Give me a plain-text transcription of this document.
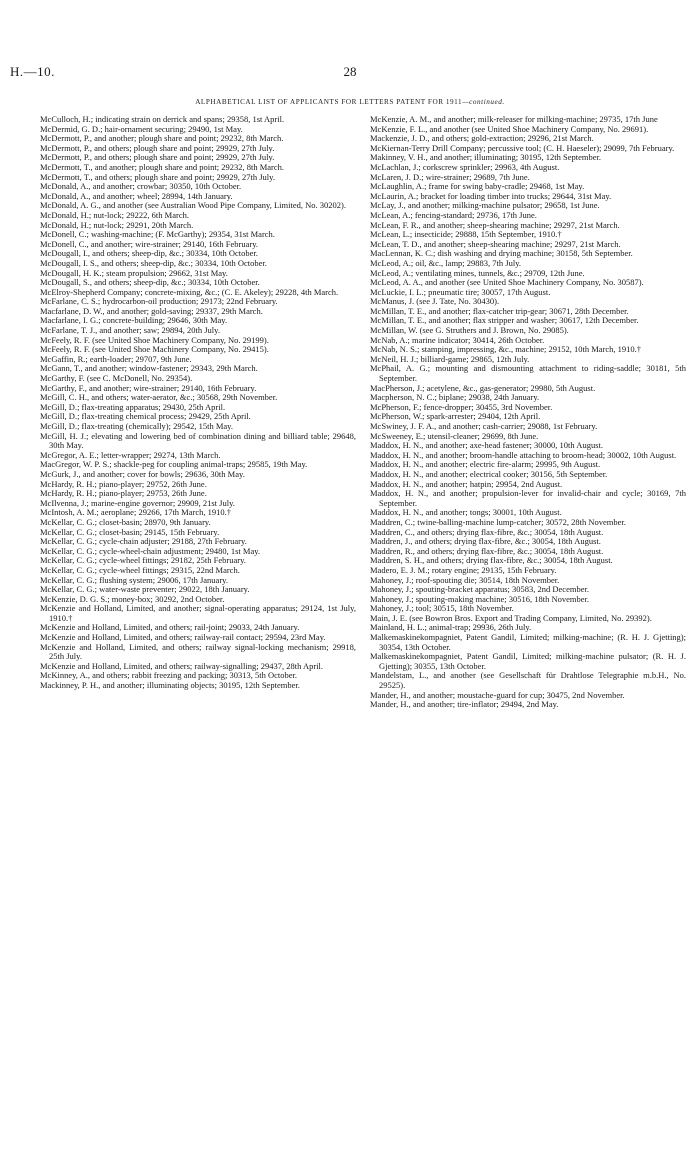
H.—10.	28
ALPHABETICAL LIST OF APPLICANTS FOR LETTERS PATENT FOR 1911—continued.

McCulloch, H.; indicating strain on derrick and spans; 29358, 1st April.

McDermid, G. D.; hair-ornament securing; 29490, 1st May.

McDermott, P., and another; plough share and point; 29232, 8th March.

McDermott, P., and others; plough share and point; 29929, 27th July.

McDermott, P., and others; plough share and point; 29929, 27th July.

McDermott, T., and another; plough share and point; 29232, 8th March.

McDermott, T., and others; plough share and point; 29929, 27th July.

McDonald, A., and another; crowbar; 30350, 10th October.

McDonald, A., and another; wheel; 28994, 14th January.

McDonald, A. G., and another (see Australian Wood Pipe Company, Limited, No. 30202).

McDonald, H.; nut-lock; 29222, 6th March.

McDonald, H.; nut-lock; 29291, 20th March.

McDonell, C.; washing-machine; (F. McGarthy); 29354, 31st March.

McDonell, C., and another; wire-strainer; 29140, 16th February.

McDougall, I., and others; sheep-dip, &c.; 30334, 10th October.

McDougall, I. S., and others; sheep-dip, &c.; 30334, 10th October.

McDougall, H. K.; steam propulsion; 29662, 31st May.

McDougall, S., and others; sheep-dip, &c.; 30334, 10th October.

McElroy-Shepherd Company; concrete-mixing, &c.; (C. E. Akeley); 29228, 4th March.

McFarlane, C. S.; hydrocarbon-oil production; 29173; 22nd February.

Macfarlane, D. W., and another; gold-saving; 29337, 29th March.

Macfarlane, I. G.; concrete-building; 29646, 30th May.

McFarlane, T. J., and another; saw; 29894, 20th July.

McFeely, R. F. (see United Shoe Machinery Company, No. 29199).

McFeely, R. F. (see United Shoe Machinery Company, No. 29415).

McGaffin, R.; earth-loader; 29707, 9th June.

McGann, T., and another; window-fastener; 29343, 29th March.

McGarthy, F. (see C. McDonell, No. 29354).

McGarthy, F., and another; wire-strainer; 29140, 16th February.

McGill, C. H., and others; water-aerator, &c.; 30568, 29th November.

McGill, D.; flax-treating apparatus; 29430, 25th April.

McGill, D.; flax-treating chemical process; 29429, 25th April.

McGill, D.; flax-treating (chemically); 29542, 15th May.

McGill, H. J.; elevating and lowering bed of combination dining and billiard table; 29648, 30th May.

McGregor, A. E.; letter-wrapper; 29274, 13th March.

MacGregor, W. P. S.; shackle-peg for coupling animal-traps; 29585, 19th May.

McGurk, J., and another; cover for bowls; 29636, 30th May.

McHardy, R. H.; piano-player; 29752, 26th June.

McHardy, R. H.; piano-player; 29753, 26th June.

McIlvenna, J.; marine-engine governor; 29909, 21st July.

McIntosh, A. M.; aeroplane; 29266, 17th March, 1910.†

McKellar, C. G.; closet-basin; 28970, 9th January.

McKellar, C. G.; closet-basin; 29145, 15th February.

McKellar, C. G.; cycle-chain adjuster; 29188, 27th February.

McKellar, C. G.; cycle-wheel-chain adjustment; 29480, 1st May.

McKellar, C. G.; cycle-wheel fittings; 29182, 25th February.

McKellar, C. G.; cycle-wheel fittings; 29315, 22nd March.

McKellar, C. G.; flushing system; 29006, 17th January.

McKellar, C. G.; water-waste preventer; 29022, 18th January.

McKenzie, D. G. S.; money-box; 30292, 2nd October.

McKenzie and Holland, Limited, and another; signal-operating apparatus; 29124, 1st July, 1910.†

McKenzie and Holland, Limited, and others; rail-joint; 29033, 24th January.

McKenzie and Holland, Limited, and others; railway-rail contact; 29594, 23rd May.

McKenzie and Holland, Limited, and others; railway signal-locking mechanism; 29918, 25th July.

McKenzie and Holland, Limited, and others; railway-signalling; 29437, 28th April.

McKinney, A., and others; rabbit freezing and packing; 30313, 5th October.

Mackinney, P. H., and another; illuminating objects; 30195, 12th September.

McKenzie, A. M., and another; milk-releaser for milking-machine; 29735, 17th June

McKenzie, F. L., and another (see United Shoe Machinery Company, No. 29691).

Mackenzie, J. D., and others; gold-extraction; 29296, 21st March.

McKiernan-Terry Drill Company; percussive tool; (C. H. Haeseler); 29099, 7th February.

Makinney, V. H., and another; illuminating; 30195, 12th September.

McLachlan, J.; corkscrew sprinkler; 29963, 4th August.

McLaren, J. D.; wire-strainer; 29689, 7th June.

McLaughlin, A.; frame for swing baby-cradle; 29468, 1st May.

McLaurin, A.; bracket for loading timber into trucks; 29644, 31st May.

McLay, J., and another; milking-machine pulsator; 29658, 1st June.

McLean, A.; fencing-standard; 29736, 17th June.

McLean, F. R., and another; sheep-shearing machine; 29297, 21st March.

McLean, L.; insecticide; 29888, 15th September, 1910.†

McLean, T. D., and another; sheep-shearing machine; 29297, 21st March.

MacLennan, K. C.; dish washing and drying machine; 30158, 5th September.

McLeod, A.; oil, &c., lamp; 29883, 7th July.

McLeod, A.; ventilating mines, tunnels, &c.; 29709, 12th June.

McLeod, A. A., and another (see United Shoe Machinery Company, No. 30587).

McLuckie, I. L.; pneumatic tire; 30057, 17th August.

McManus, J. (see J. Tate, No. 30430).

McMillan, T. E., and another; flax-catcher trip-gear; 30671, 28th December.

McMillan, T. E., and another; flax stripper and washer; 30617, 12th December.

McMillan, W. (see G. Struthers and J. Brown, No. 29085).

McNab, A.; marine indicator; 30414, 26th October.

McNab, N. S.; stamping, impressing, &c., machine; 29152, 10th March, 1910.†

McNeil, H. J.; billiard-game; 29865, 12th July.

McPhail, A. G.; mounting and dismounting attachment to riding-saddle; 30181, 5th September.

MacPherson, J.; acetylene, &c., gas-generator; 29980, 5th August.

Macpherson, N. C.; biplane; 29038, 24th January.

McPherson, F.; fence-dropper; 30455, 3rd November.

McPherson, W.; spark-arrester; 29404, 12th April.

McSwiney, J. F. A., and another; cash-carrier; 29088, 1st February.

McSweeney, E.; utensil-cleaner; 29699, 8th June.

Maddox, H. N., and another; axe-head fastener; 30000, 10th August.

Maddox, H. N., and another; broom-handle attaching to broom-head; 30002, 10th August.

Maddox, H. N., and another; electric fire-alarm; 29995, 9th August.

Maddox, H. N., and another; electrical cooker; 30156, 5th September.

Maddox, H. N., and another; hatpin; 29954, 2nd August.

Maddox, H. N., and another; propulsion-lever for invalid-chair and cycle; 30169, 7th September.

Maddox, H. N., and another; tongs; 30001, 10th August.

Maddren, C.; twine-balling-machine lump-catcher; 30572, 28th November.

Maddren, C., and others; drying flax-fibre, &c.; 30054, 18th August.

Maddren, J., and others; drying flax-fibre, &c.; 30054, 18th August.

Maddren, R., and others; drying flax-fibre, &c.; 30054, 18th August.

Maddren, S. H., and others; drying flax-fibre, &c.; 30054, 18th August.

Madero, E. J. M.; rotary engine; 29135, 15th February.

Mahoney, J.; roof-spouting die; 30514, 18th November.

Mahoney, J.; spouting-bracket apparatus; 30583, 2nd December.

Mahoney, J.; spouting-making machine; 30516, 18th November.

Mahoney, J.; tool; 30515, 18th November.

Main, J. E. (see Bowron Bros. Export and Trading Company, Limited, No. 29392).

Mainland, H. L.; animal-trap; 29936, 26th July.

Malkemaskinekompagniet, Patent Gandil, Limited; milking-machine; (R. H. J. Gjetting); 30354, 13th October.

Malkemaskinekompagniet, Patent Gandil, Limited; milking-machine pulsator; (R. H. J. Gjetting); 30355, 13th October.

Mandelstam, L., and another (see Gesellschaft für Drahtlose Telegraphie m.b.H., No. 29525).

Mander, H., and another; moustache-guard for cup; 30475, 2nd November.

Mander, H., and another; tire-inflator; 29494, 2nd May.
